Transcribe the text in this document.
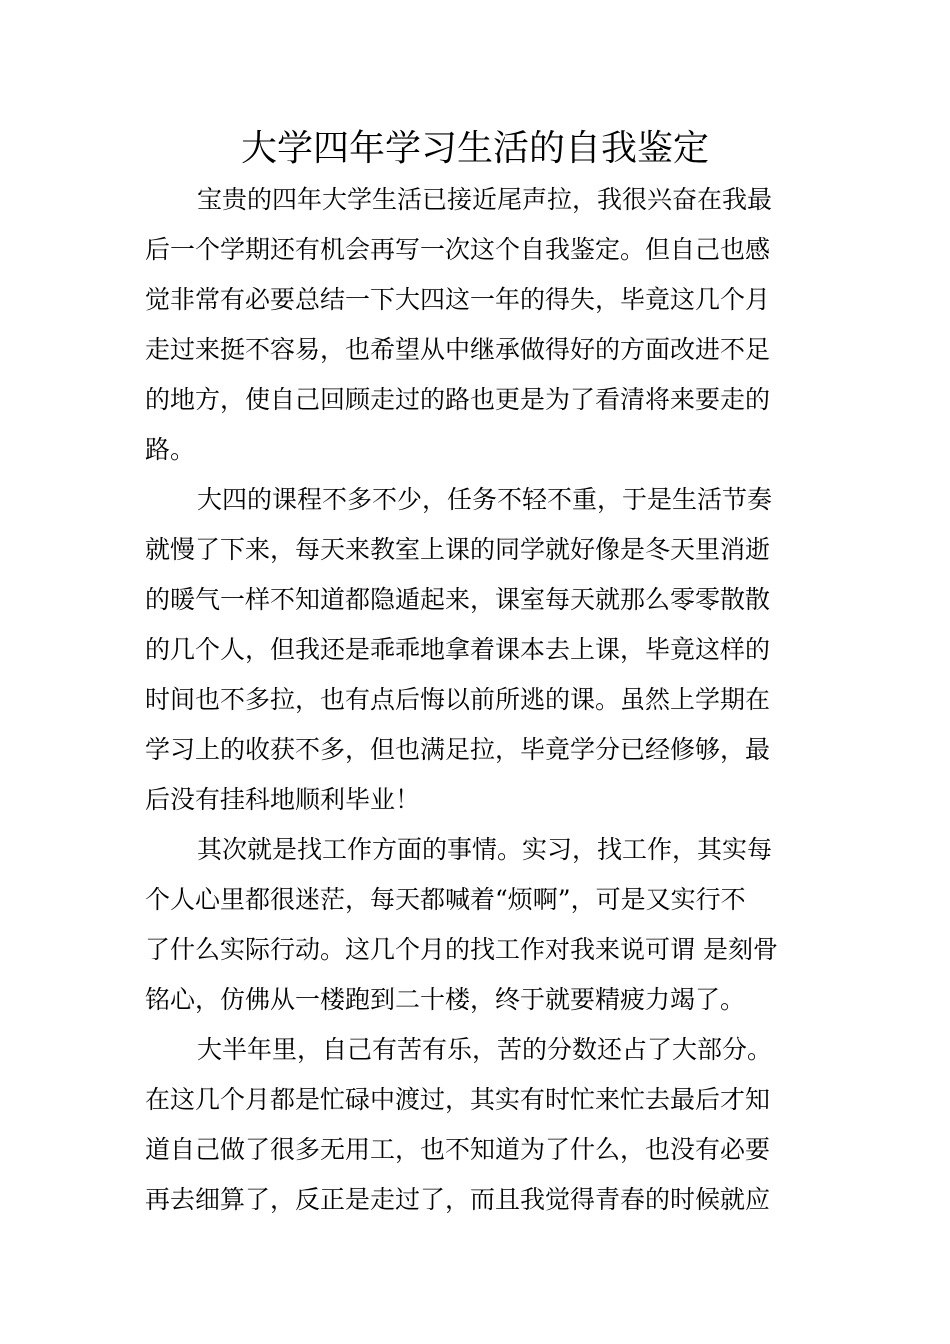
大学四年学习生活的自我鉴定

宝贵的四年大学生活已接近尾声拉，我很兴奋在我最
后一个学期还有机会再写一次这个自我鉴定。但自己也感
觉非常有必要总结一下大四这一年的得失，毕竟这几个月
走过来挺不容易，也希望从中继承做得好的方面改进不足
的地方，使自己回顾走过的路也更是为了看清将来要走的
路。

大四的课程不多不少，任务不轻不重，于是生活节奏
就慢了下来，每天来教室上课的同学就好像是冬天里消逝
的暖气一样不知道都隐遁起来，课室每天就那么零零散散
的几个人，但我还是乖乖地拿着课本去上课，毕竟这样的
时间也不多拉，也有点后悔以前所逃的课。虽然上学期在
学习上的收获不多，但也满足拉，毕竟学分已经修够，最
后没有挂科地顺利毕业！

其次就是找工作方面的事情。实习，找工作，其实每
个人心里都很迷茫，每天都喊着“烦啊”，可是又实行不
了什么实际行动。这几个月的找工作对我来说可谓 是刻骨
铭心，仿佛从一楼跑到二十楼，终于就要精疲力竭了。

大半年里，自己有苦有乐，苦的分数还占了大部分。
在这几个月都是忙碌中渡过，其实有时忙来忙去最后才知
道自己做了很多无用工，也不知道为了什么，也没有必要
再去细算了，反正是走过了，而且我觉得青春的时候就应
